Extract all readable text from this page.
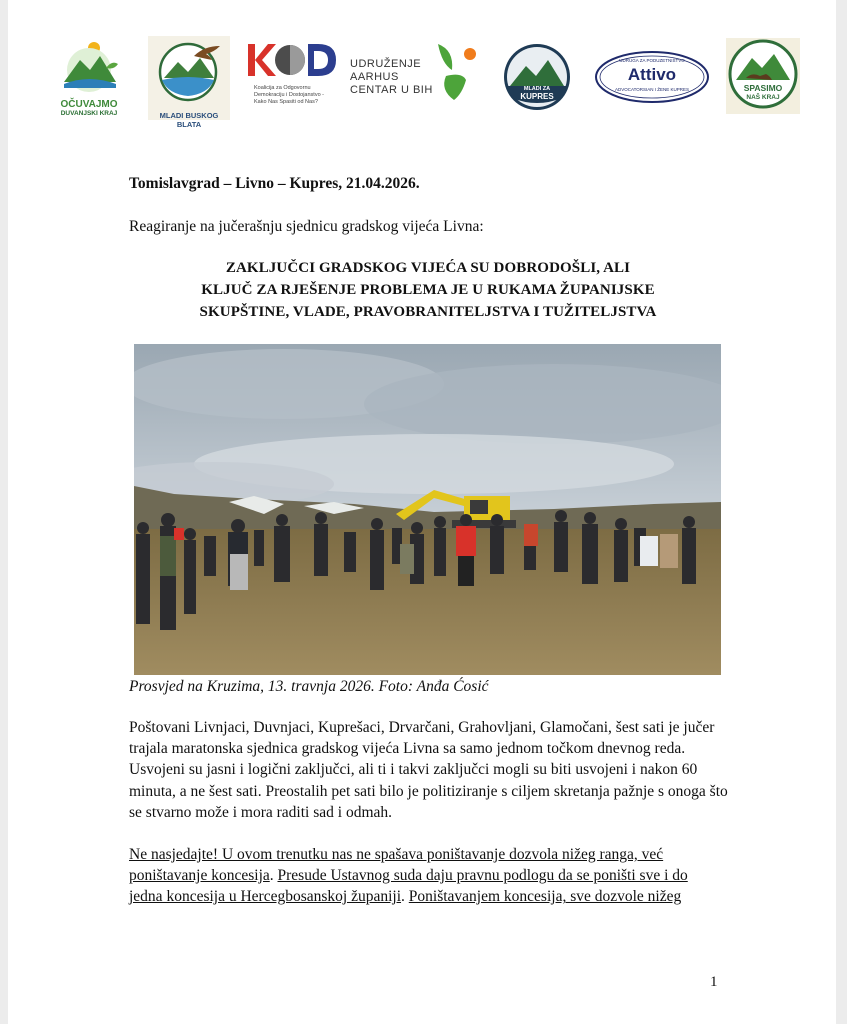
OČUVAJMO
DUVANJSKI KRAJ	MLADI BUSKOG BLATA
Koalicija za Odgovornu
Demokraciju i Dostojanstvo -
Kako Nas Spasiti od Nas?
UDRUŽENJE
AARHUS
CENTAR U BIH	MLADI ZA
KUPRES
UDRUGA ZA PODUZETNIŠTVO
Attivo
ADVOCATORSIAN I ŽENE KUPRES	SPASIMO
NAŠ KRAJ
Tomislavgrad – Livno – Kupres, 21.04.2026.
Reagiranje na jučerašnju sjednicu gradskog vijeća Livna:
ZAKLJUČCI GRADSKOG VIJEĆA SU DOBRODOŠLI, ALI
KLJUČ ZA RJEŠENJE PROBLEMA JE U RUKAMA ŽUPANIJSKE
SKUPŠTINE, VLADE, PRAVOBRANITELJSTVA I TUŽITELJSTVA
Prosvjed na Kruzima, 13. travnja 2026. Foto: Anđa Ćosić

Poštovani Livnjaci, Duvnjaci, Kuprešaci, Drvarčani, Grahovljani, Glamočani, šest sati je jučer trajala maratonska sjednica gradskog vijeća Livna sa samo jednom točkom dnevnog reda.

Usvojeni su jasni i logični zaključci, ali ti i takvi zaključci mogli su biti usvojeni i nakon 60 minuta, a ne šest sati. Preostalih pet sati bilo je politiziranje s ciljem skretanja pažnje s onoga što se stvarno može i mora raditi sad i odmah.

Ne nasjedajte! U ovom trenutku nas ne spašava poništavanje dozvola nižeg ranga, već
poništavanje koncesija. Presude Ustavnog suda daju pravnu podlogu da se poništi sve i do
jedna koncesija u Hercegbosanskoj županiji. Poništavanjem koncesija, sve dozvole nižeg

1
